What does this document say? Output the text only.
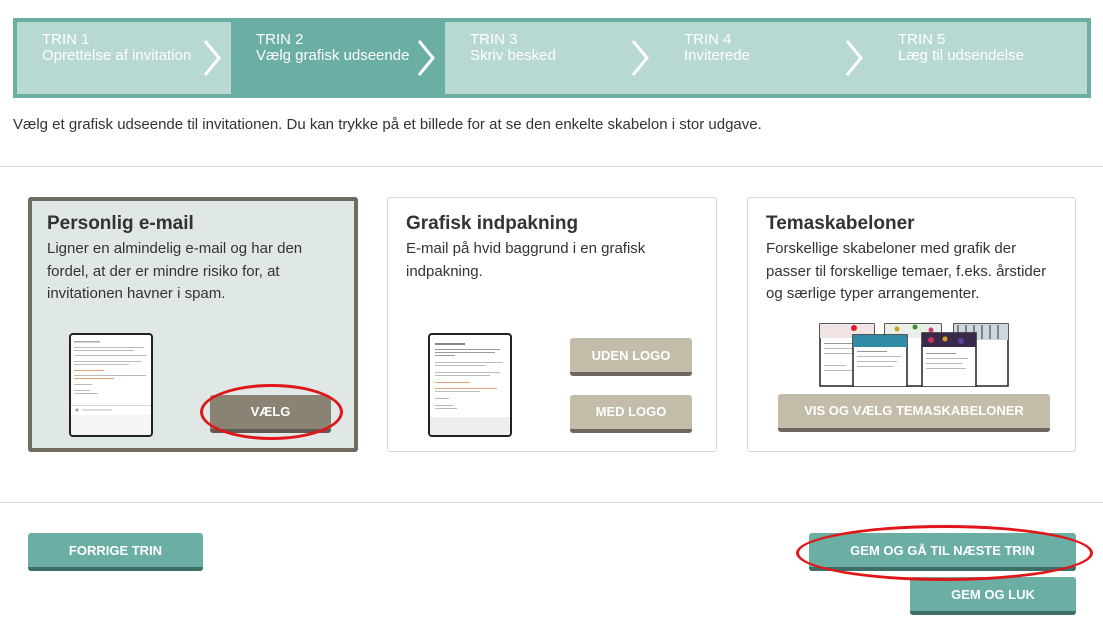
TRIN 1
Oprettelse af invitation
TRIN 2
Vælg grafisk udseende
TRIN 3
Skriv besked
TRIN 4
Inviterede
TRIN 5
Læg til udsendelse
Vælg et grafisk udseende til invitationen. Du kan trykke på et billede for at se den enkelte skabelon i stor udgave.
Personlig e-mail

Ligner en almindelig e-mail og har den fordel, at der er mindre risiko for, at invitationen havner i spam.

VÆLG
Grafisk indpakning

E-mail på hvid baggrund i en grafisk indpakning.

UDEN LOGO
MED LOGO
Temaskabeloner

Forskellige skabeloner med grafik der passer til forskellige temaer, f.eks. årstider og særlige typer arrangementer.

VIS OG VÆLG TEMASKABELONER
FORRIGE TRIN	GEM OG GÅ TIL NÆSTE TRIN
GEM OG LUK
